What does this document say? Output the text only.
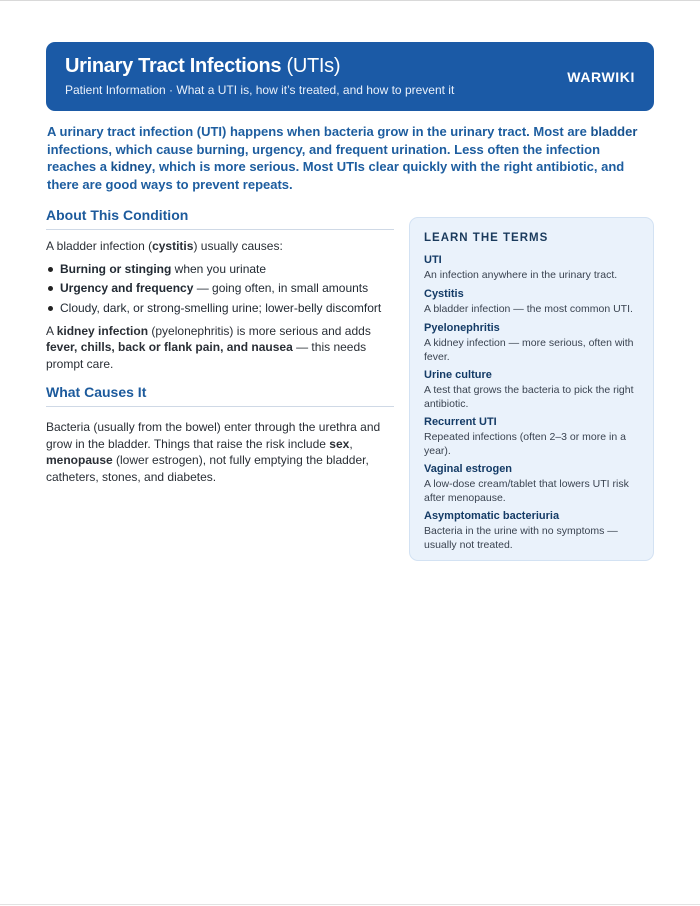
Urinary Tract Infections (UTIs)
Patient Information · What a UTI is, how it’s treated, and how to prevent it
WARWIKI
A urinary tract infection (UTI) happens when bacteria grow in the urinary tract. Most are bladder infections, which cause burning, urgency, and frequent urination. Less often the infection reaches a kidney, which is more serious. Most UTIs clear quickly with the right antibiotic, and there are good ways to prevent repeats.
About This Condition
A bladder infection (cystitis) usually causes:
Burning or stinging when you urinate
Urgency and frequency — going often, in small amounts
Cloudy, dark, or strong-smelling urine; lower-belly discomfort
A kidney infection (pyelonephritis) is more serious and adds fever, chills, back or flank pain, and nausea — this needs prompt care.
What Causes It
Bacteria (usually from the bowel) enter through the urethra and grow in the bladder. Things that raise the risk include sex, menopause (lower estrogen), not fully emptying the bladder, catheters, stones, and diabetes.
LEARN THE TERMS
UTI
An infection anywhere in the urinary tract.
Cystitis
A bladder infection — the most common UTI.
Pyelonephritis
A kidney infection — more serious, often with fever.
Urine culture
A test that grows the bacteria to pick the right antibiotic.
Recurrent UTI
Repeated infections (often 2–3 or more in a year).
Vaginal estrogen
A low-dose cream/tablet that lowers UTI risk after menopause.
Asymptomatic bacteriuria
Bacteria in the urine with no symptoms — usually not treated.
